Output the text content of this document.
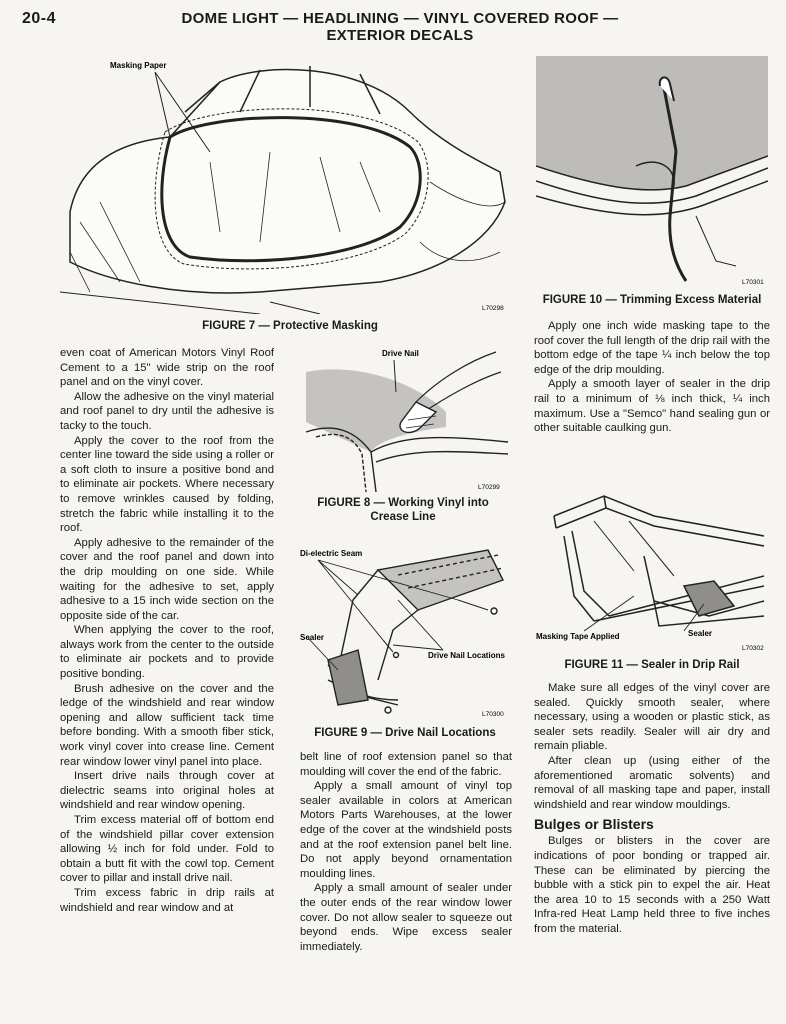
20-4	DOME LIGHT — HEADLINING — VINYL COVERED ROOF —
EXTERIOR DECALS
Masking Paper
L70298
FIGURE 7 — Protective Masking
L70301
FIGURE 10 — Trimming Excess Material

even coat of American Motors Vinyl Roof Cement to a 15" wide strip on the roof panel and on the vinyl cover.

Allow the adhesive on the vinyl material and roof panel to dry until the adhesive is tacky to the touch.

Apply the cover to the roof from the center line toward the side using a roller or a soft cloth to insure a positive bond and to eliminate air pockets. Where necessary to remove wrinkles caused by folding, stretch the fabric while installing it to the roof.

Apply adhesive to the remainder of the cover and the roof panel and down into the drip moulding on one side. While waiting for the adhesive to set, apply adhesive to a 15 inch wide section on the opposite side of the car.

When applying the cover to the roof, always work from the center to the outside to eliminate air pockets and to provide positive bonding.

Brush adhesive on the cover and the ledge of the windshield and rear window opening and allow sufficient tack time before bonding. With a smooth fiber stick, work vinyl cover into crease line. Cement rear window lower vinyl panel into place.

Insert drive nails through cover at dielectric seams into original holes at windshield and rear window opening.

Trim excess material off of bottom end of the windshield pillar cover extension allowing ½ inch for fold under. Fold to obtain a butt fit with the cowl top. Cement cover to pillar and install drive nail.

Trim excess fabric in drip rails at windshield and rear window and at

Drive Nail
L70299
FIGURE 8 — Working Vinyl into
Crease Line
Di-electric Seam
Sealer
Drive Nail Locations
L70300
FIGURE 9 — Drive Nail Locations

belt line of roof extension panel so that moulding will cover the end of the fabric.

Apply a small amount of vinyl top sealer available in colors at American Motors Parts Warehouses, at the lower edge of the cover at the windshield posts and at the roof extension panel belt line. Do not apply beyond ornamentation moulding lines.

Apply a small amount of sealer under the outer ends of the rear window lower cover. Do not allow sealer to squeeze out beyond ends. Wipe excess sealer immediately.

Apply one inch wide masking tape to the roof cover the full length of the drip rail with the bottom edge of the tape ¼ inch below the top edge of the drip moulding.

Apply a smooth layer of sealer in the drip rail to a minimum of ⅛ inch thick, ¼ inch maximum. Use a "Semco" hand sealing gun or other suitable caulking gun.

Masking Tape Applied	Sealer
L70302
FIGURE 11 — Sealer in Drip Rail

Make sure all edges of the vinyl cover are sealed. Quickly smooth sealer, where necessary, using a wooden or plastic stick, as sealer sets readily. Sealer will air dry and remain pliable.

After clean up (using either of the aforementioned aromatic solvents) and removal of all masking tape and paper, install windshield and rear window mouldings.

Bulges or Blisters

Bulges or blisters in the cover are indications of poor bonding or trapped air. These can be eliminated by piercing the bubble with a stick pin to expel the air. Heat the area 10 to 15 seconds with a 250 Watt Infra-red Heat Lamp held three to five inches from the material.
